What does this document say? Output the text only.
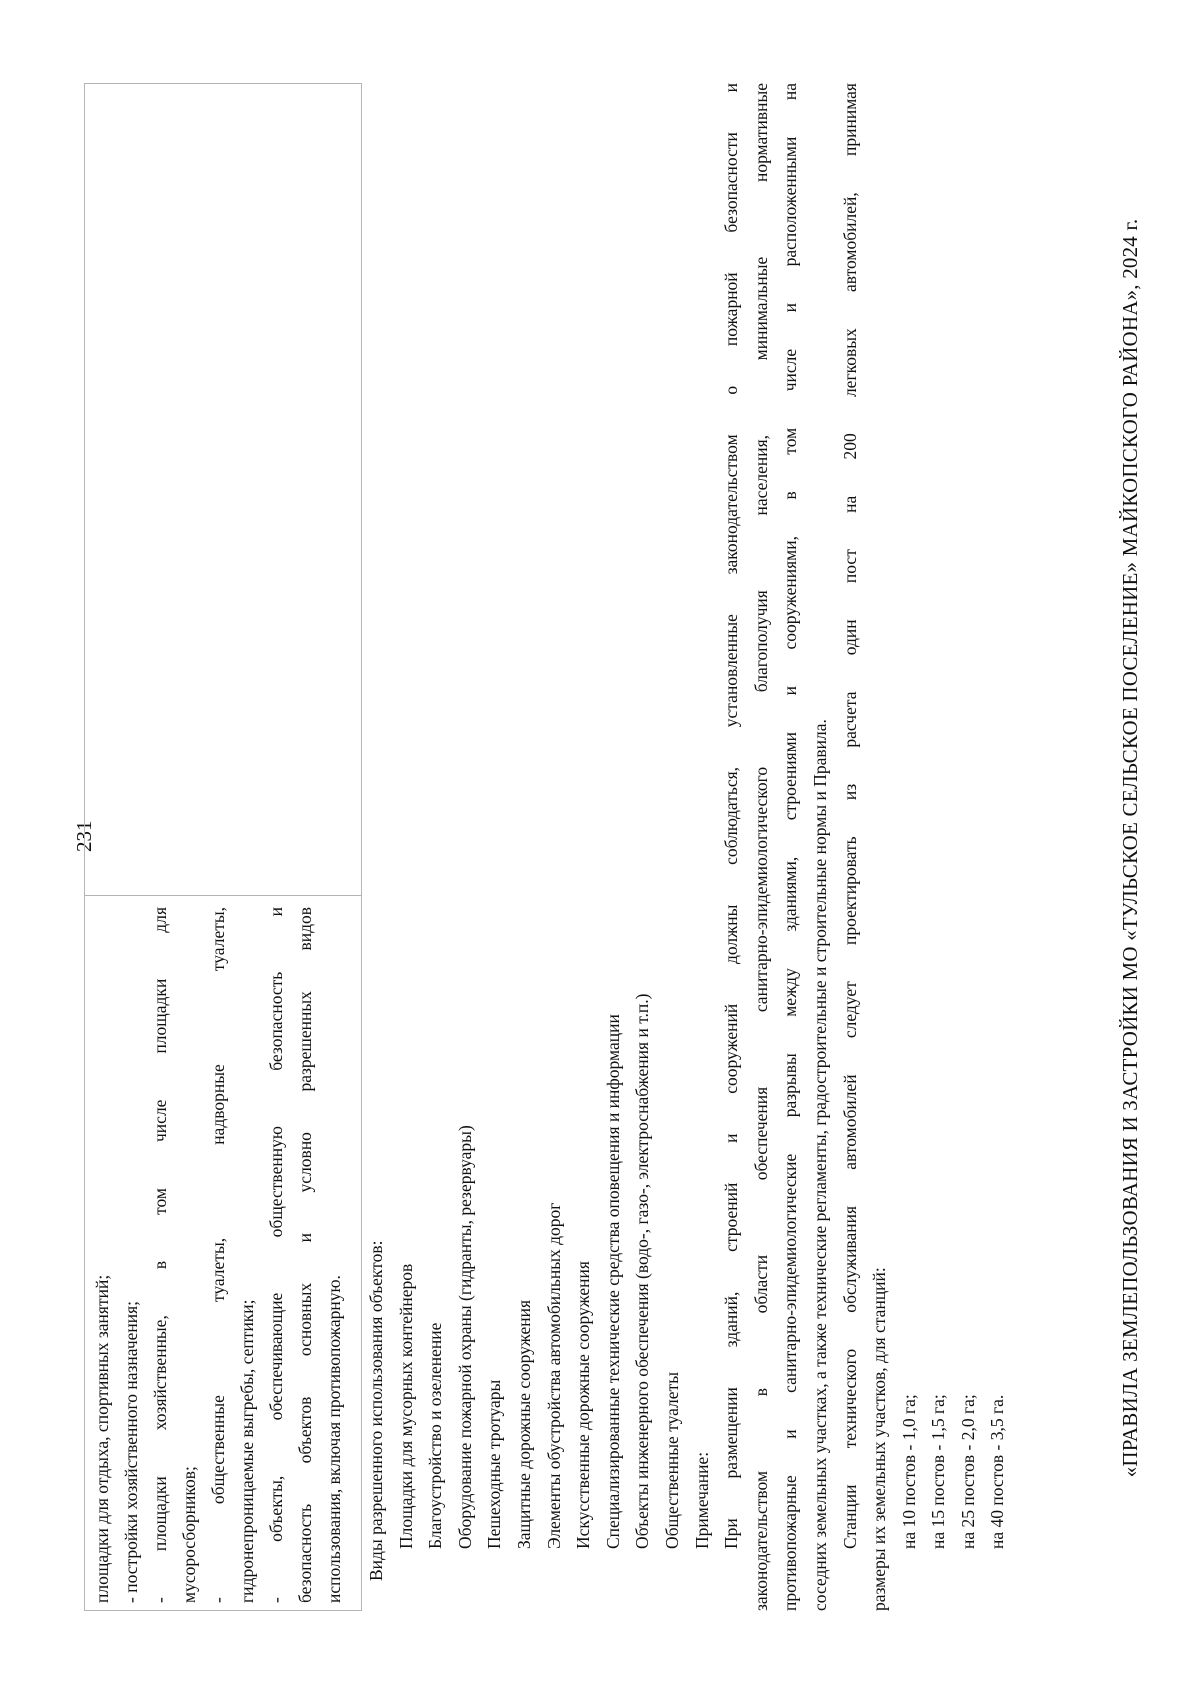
231
площадки для отдыха, спортивных занятий; - постройки хозяйственного назначения; - площадки хозяйственные, в том числе площадки для мусоросборников; - общественные туалеты, надворные туалеты, гидронепроницаемые выгребы, септики; - объекты, обеспечивающие общественную безопасность и безопасность объектов основных и условно разрешенных видов использования, включая противопожарную. Виды разрешенного использования объектов: Площадки для мусорных контейнеров Благоустройство и озеленение Оборудование пожарной охраны (гидранты, резервуары) Пешеходные тротуары Защитные дорожные сооружения Элементы обустройства автомобильных дорог Искусственные дорожные сооружения Специализированные технические средства оповещения и информации Объекты инженерного обеспечения (водо-, газо-, электроснабжения и т.п.) Общественные туалеты Примечание: При размещении зданий, строений и сооружений должны соблюдаться, установленные законодательством о пожарной безопасности и законодательством в области обеспечения санитарно-эпидемиологического благополучия населения, минимальные нормативные противопожарные и санитарно-эпидемиологические разрывы между зданиями, строениями и сооружениями, в том числе и расположенными на соседних земельных участках, а также технические регламенты, градостроительные и строительные нормы и Правила. Станции технического обслуживания автомобилей следует проектировать из расчета один пост на 200 легковых автомобилей, принимая размеры их земельных участков, для станций: на 10 постов - 1,0 га; на 15 постов - 1,5 га; на 25 постов - 2,0 га; на 40 постов - 3,5 га.	«ПРАВИЛА ЗЕМЛЕПОЛЬЗОВАНИЯ И ЗАСТРОЙКИ МО «ТУЛЬСКОЕ СЕЛЬСКОЕ ПОСЕЛЕНИЕ» МАЙКОПСКОГО РАЙОНА», 2024 г.
